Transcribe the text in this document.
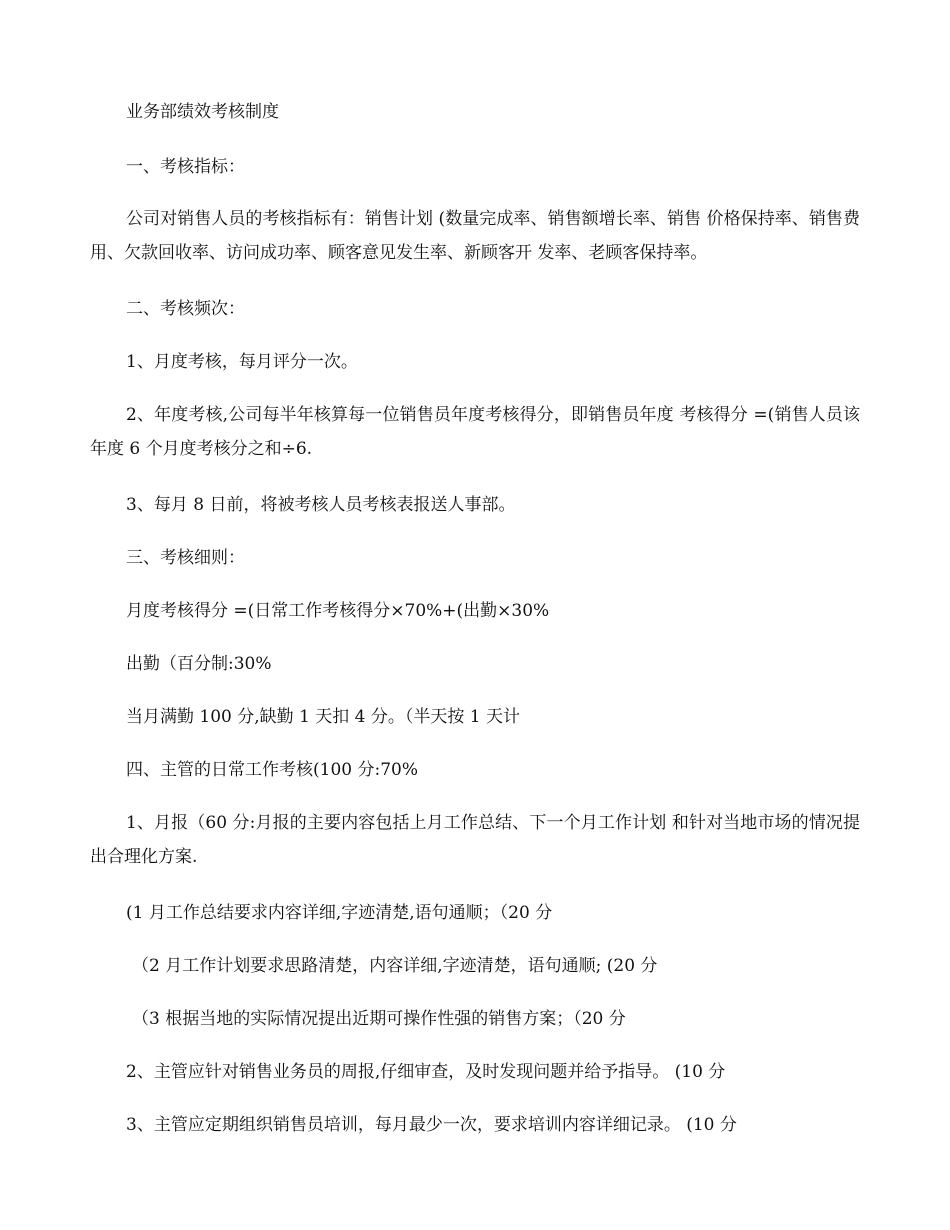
业务部绩效考核制度

一、考核指标：

公司对销售人员的考核指标有：销售计划 (数量完成率、销售额增长率、销售 价格保持率、销售费用、欠款回收率、访问成功率、顾客意见发生率、新顾客开 发率、老顾客保持率。

二、考核频次：

1、月度考核，每月评分一次。

2、年度考核,公司每半年核算每一位销售员年度考核得分，即销售员年度 考核得分 =(销售人员该年度 6 个月度考核分之和÷6.

3、每月 8 日前，将被考核人员考核表报送人事部。

三、考核细则：

月度考核得分 =(日常工作考核得分×70%+(出勤×30%

出勤（百分制:30%

当月满勤 100 分,缺勤 1 天扣 4 分。（半天按 1 天计

四、主管的日常工作考核(100 分:70%

1、月报（60 分:月报的主要内容包括上月工作总结、下一个月工作计划 和针对当地市场的情况提出合理化方案.

(1 月工作总结要求内容详细,字迹清楚,语句通顺；（20 分

（2 月工作计划要求思路清楚，内容详细,字迹清楚，语句通顺; (20 分

（3 根据当地的实际情况提出近期可操作性强的销售方案；（20 分

2、主管应针对销售业务员的周报,仔细审查，及时发现问题并给予指导。 (10 分

3、主管应定期组织销售员培训，每月最少一次，要求培训内容详细记录。 (10 分
